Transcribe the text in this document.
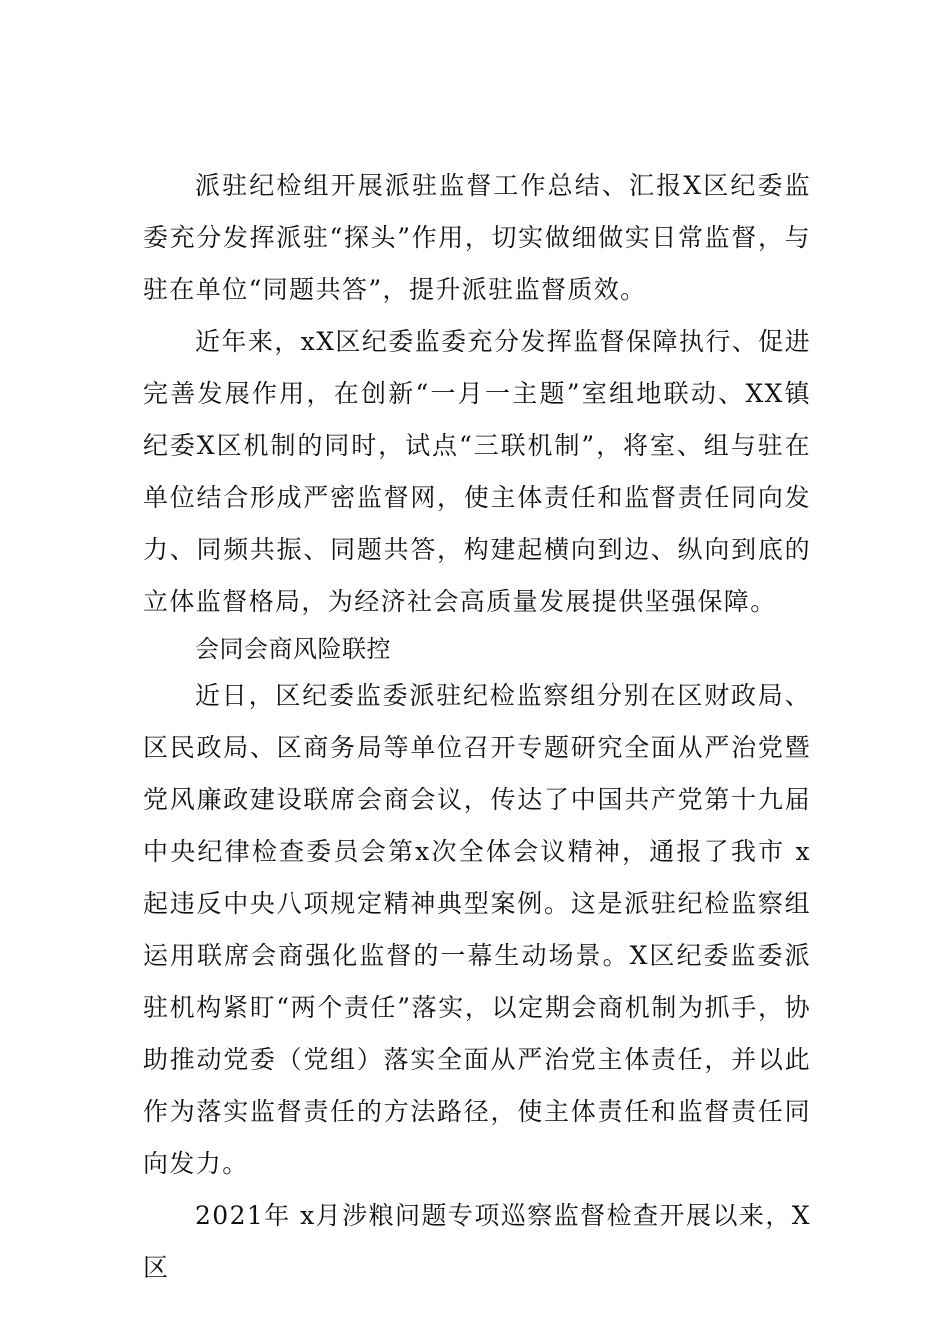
派驻纪检组开展派驻监督工作总结、汇报X区纪委监委充分发挥派驻“探头”作用，切实做细做实日常监督，与驻在单位“同题共答”，提升派驻监督质效。

近年来，xX区纪委监委充分发挥监督保障执行、促进完善发展作用，在创新“一月一主题”室组地联动、XX镇纪委X区机制的同时，试点“三联机制”，将室、组与驻在单位结合形成严密监督网，使主体责任和监督责任同向发力、同频共振、同题共答，构建起横向到边、纵向到底的立体监督格局，为经济社会高质量发展提供坚强保障。

会同会商风险联控

近日，区纪委监委派驻纪检监察组分别在区财政局、区民政局、区商务局等单位召开专题研究全面从严治党暨党风廉政建设联席会商会议，传达了中国共产党第十九届中央纪律检查委员会第x次全体会议精神，通报了我市 x起违反中央八项规定精神典型案例。这是派驻纪检监察组运用联席会商强化监督的一幕生动场景。X区纪委监委派驻机构紧盯“两个责任”落实，以定期会商机制为抓手，协助推动党委（党组）落实全面从严治党主体责任，并以此作为落实监督责任的方法路径，使主体责任和监督责任同向发力。

2021年 x月涉粮问题专项巡察监督检查开展以来，X区
